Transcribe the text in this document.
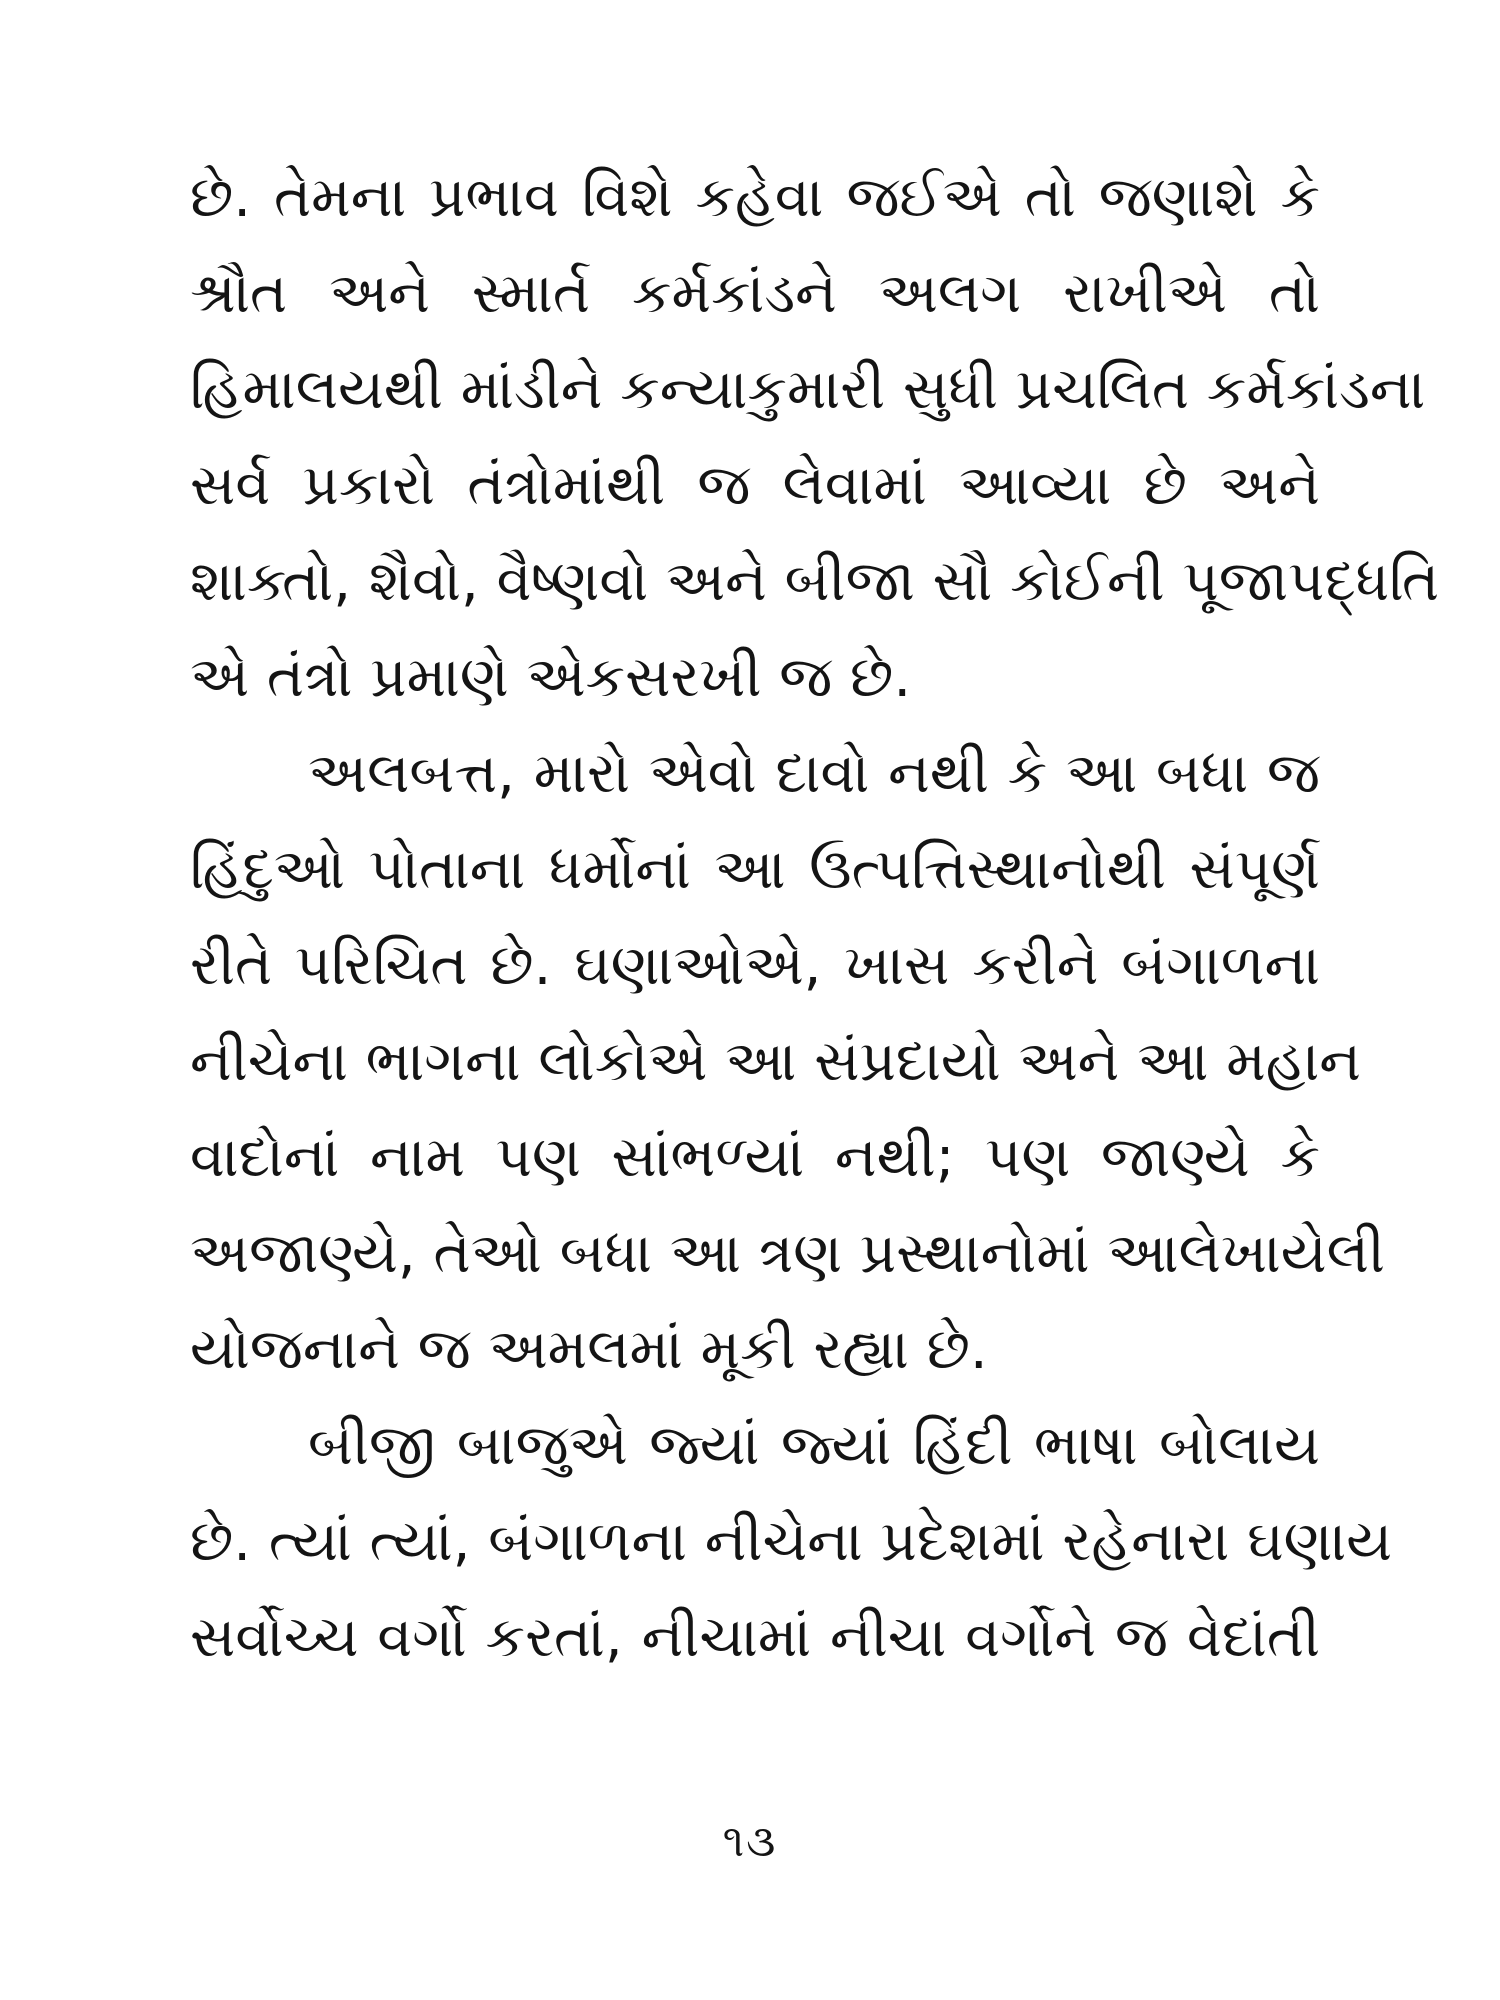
છે. તેમના પ્રભાવ વિશે કહેવા જઈએ તો જણાશે કે
શ્રૌત અને સ્માર્ત કર્મકાંડને અલગ રાખીએ તો
હિમાલયથી માંડીને કન્યાકુમારી સુધી પ્રચલિત કર્મકાંડના
સર્વ પ્રકારો તંત્રોમાંથી જ લેવામાં આવ્યા છે અને
શાક્તો, શૈવો, વૈષ્ણવો અને બીજા સૌ કોઈની પૂજાપદ્ધતિ
એ તંત્રો પ્રમાણે એકસરખી જ છે.
અલબત્ત, મારો એવો દાવો નથી કે આ બધા જ
હિંદુઓ પોતાના ધર્મોનાં આ ઉત્પત્તિસ્થાનોથી સંપૂર્ણ
રીતે પરિચિત છે. ઘણાઓએ, ખાસ કરીને બંગાળના
નીચેના ભાગના લોકોએ આ સંપ્રદાયો અને આ મહાન
વાદોનાં નામ પણ સાંભળ્યાં નથી; પણ જાણ્યે કે
અજાણ્યે, તેઓ બધા આ ત્રણ પ્રસ્થાનોમાં આલેખાયેલી
યોજનાને જ અમલમાં મૂકી રહ્યા છે.
બીજી બાજુએ જ્યાં જ્યાં હિંદી ભાષા બોલાય
છે. ત્યાં ત્યાં, બંગાળના નીચેના પ્રદેશમાં રહેનારા ઘણાય
સર્વોચ્ચ વર્ગો કરતાં, નીચામાં નીચા વર્ગોને જ વેદાંતી
૧૩
